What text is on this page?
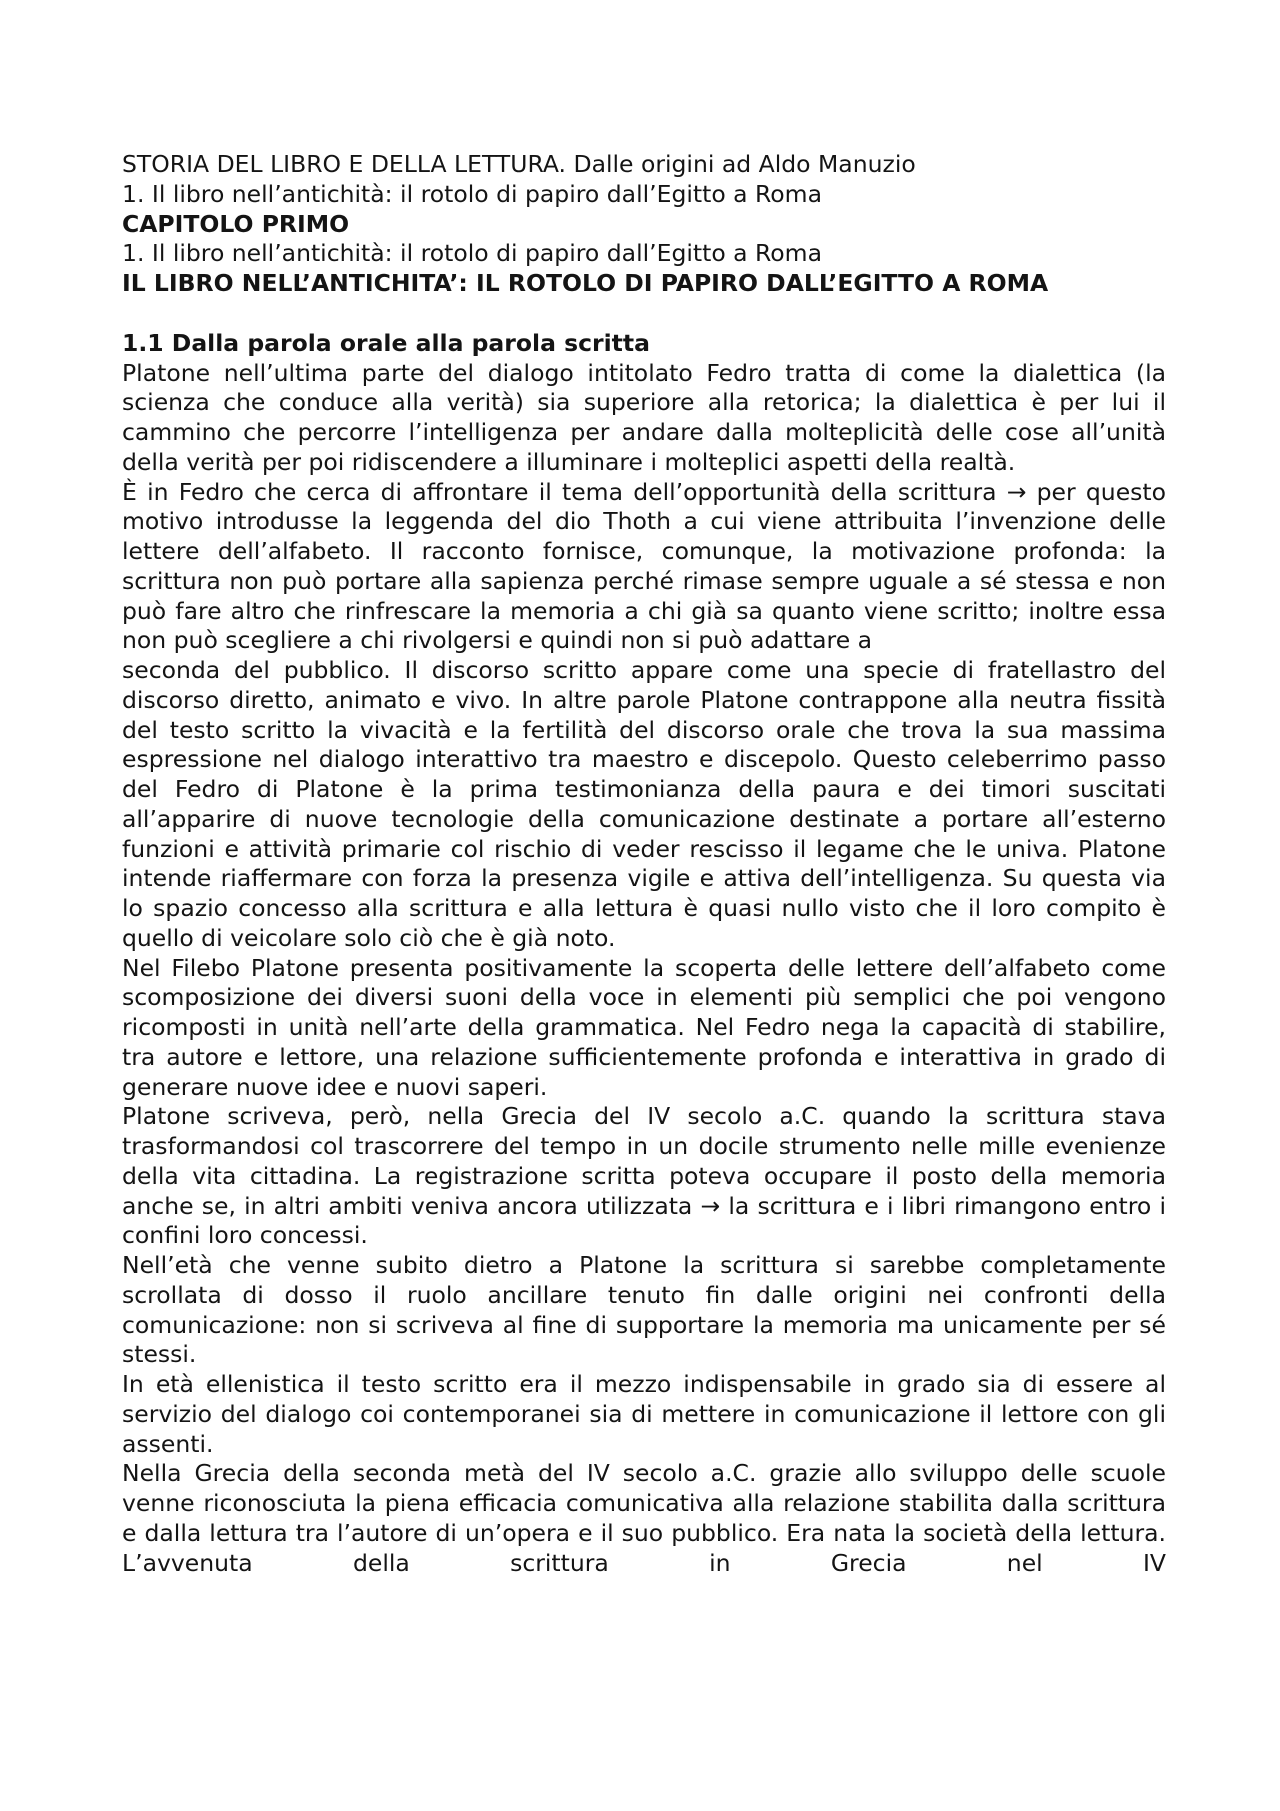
STORIA DEL LIBRO E DELLA LETTURA. Dalle origini ad Aldo Manuzio

1. Il libro nell’antichità: il rotolo di papiro dall’Egitto a Roma

CAPITOLO PRIMO

1. Il libro nell’antichità: il rotolo di papiro dall’Egitto a Roma

IL LIBRO NELL’ANTICHITA’: IL ROTOLO DI PAPIRO DALL’EGITTO A ROMA

1.1 Dalla parola orale alla parola scritta

Platone nell’ultima parte del dialogo intitolato Fedro tratta di come la dialettica (la scienza che conduce alla verità) sia superiore alla retorica; la dialettica è per lui il cammino che percorre l’intelligenza per andare dalla molteplicità delle cose all’unità della verità per poi ridiscendere a illuminare i molteplici aspetti della realtà.

È in Fedro che cerca di affrontare il tema dell’opportunità della scrittura → per questo motivo introdusse la leggenda del dio Thoth a cui viene attribuita l’invenzione delle lettere dell’alfabeto. Il racconto fornisce, comunque, la motivazione profonda: la scrittura non può portare alla sapienza perché rimase sempre uguale a sé stessa e non può fare altro che rinfrescare la memoria a chi già sa quanto viene scritto; inoltre essa non può scegliere a chi rivolgersi e quindi non si può adattare a

seconda del pubblico. Il discorso scritto appare come una specie di fratellastro del discorso diretto, animato e vivo. In altre parole Platone contrappone alla neutra fissità del testo scritto la vivacità e la fertilità del discorso orale che trova la sua massima espressione nel dialogo interattivo tra maestro e discepolo. Questo celeberrimo passo del Fedro di Platone è la prima testimonianza della paura e dei timori suscitati all’apparire di nuove tecnologie della comunicazione destinate a portare all’esterno funzioni e attività primarie col rischio di veder rescisso il legame che le univa. Platone intende riaffermare con forza la presenza vigile e attiva dell’intelligenza. Su questa via lo spazio concesso alla scrittura e alla lettura è quasi nullo visto che il loro compito è quello di veicolare solo ciò che è già noto.

Nel Filebo Platone presenta positivamente la scoperta delle lettere dell’alfabeto come scomposizione dei diversi suoni della voce in elementi più semplici che poi vengono ricomposti in unità nell’arte della grammatica. Nel Fedro nega la capacità di stabilire, tra autore e lettore, una relazione sufficientemente profonda e interattiva in grado di generare nuove idee e nuovi saperi.

Platone scriveva, però, nella Grecia del IV secolo a.C. quando la scrittura stava trasformandosi col trascorrere del tempo in un docile strumento nelle mille evenienze della vita cittadina. La registrazione scritta poteva occupare il posto della memoria anche se, in altri ambiti veniva ancora utilizzata → la scrittura e i libri rimangono entro i confini loro concessi.

Nell’età che venne subito dietro a Platone la scrittura si sarebbe completamente scrollata di dosso il ruolo ancillare tenuto fin dalle origini nei confronti della comunicazione: non si scriveva al fine di supportare la memoria ma unicamente per sé stessi.

In età ellenistica il testo scritto era il mezzo indispensabile in grado sia di essere al servizio del dialogo coi contemporanei sia di mettere in comunicazione il lettore con gli assenti.

Nella Grecia della seconda metà del IV secolo a.C. grazie allo sviluppo delle scuole venne riconosciuta la piena efficacia comunicativa alla relazione stabilita dalla scrittura e dalla lettura tra l’autore di un’opera e il suo pubblico. Era nata la società della lettura. L’avvenuta della scrittura in Grecia nel IV
